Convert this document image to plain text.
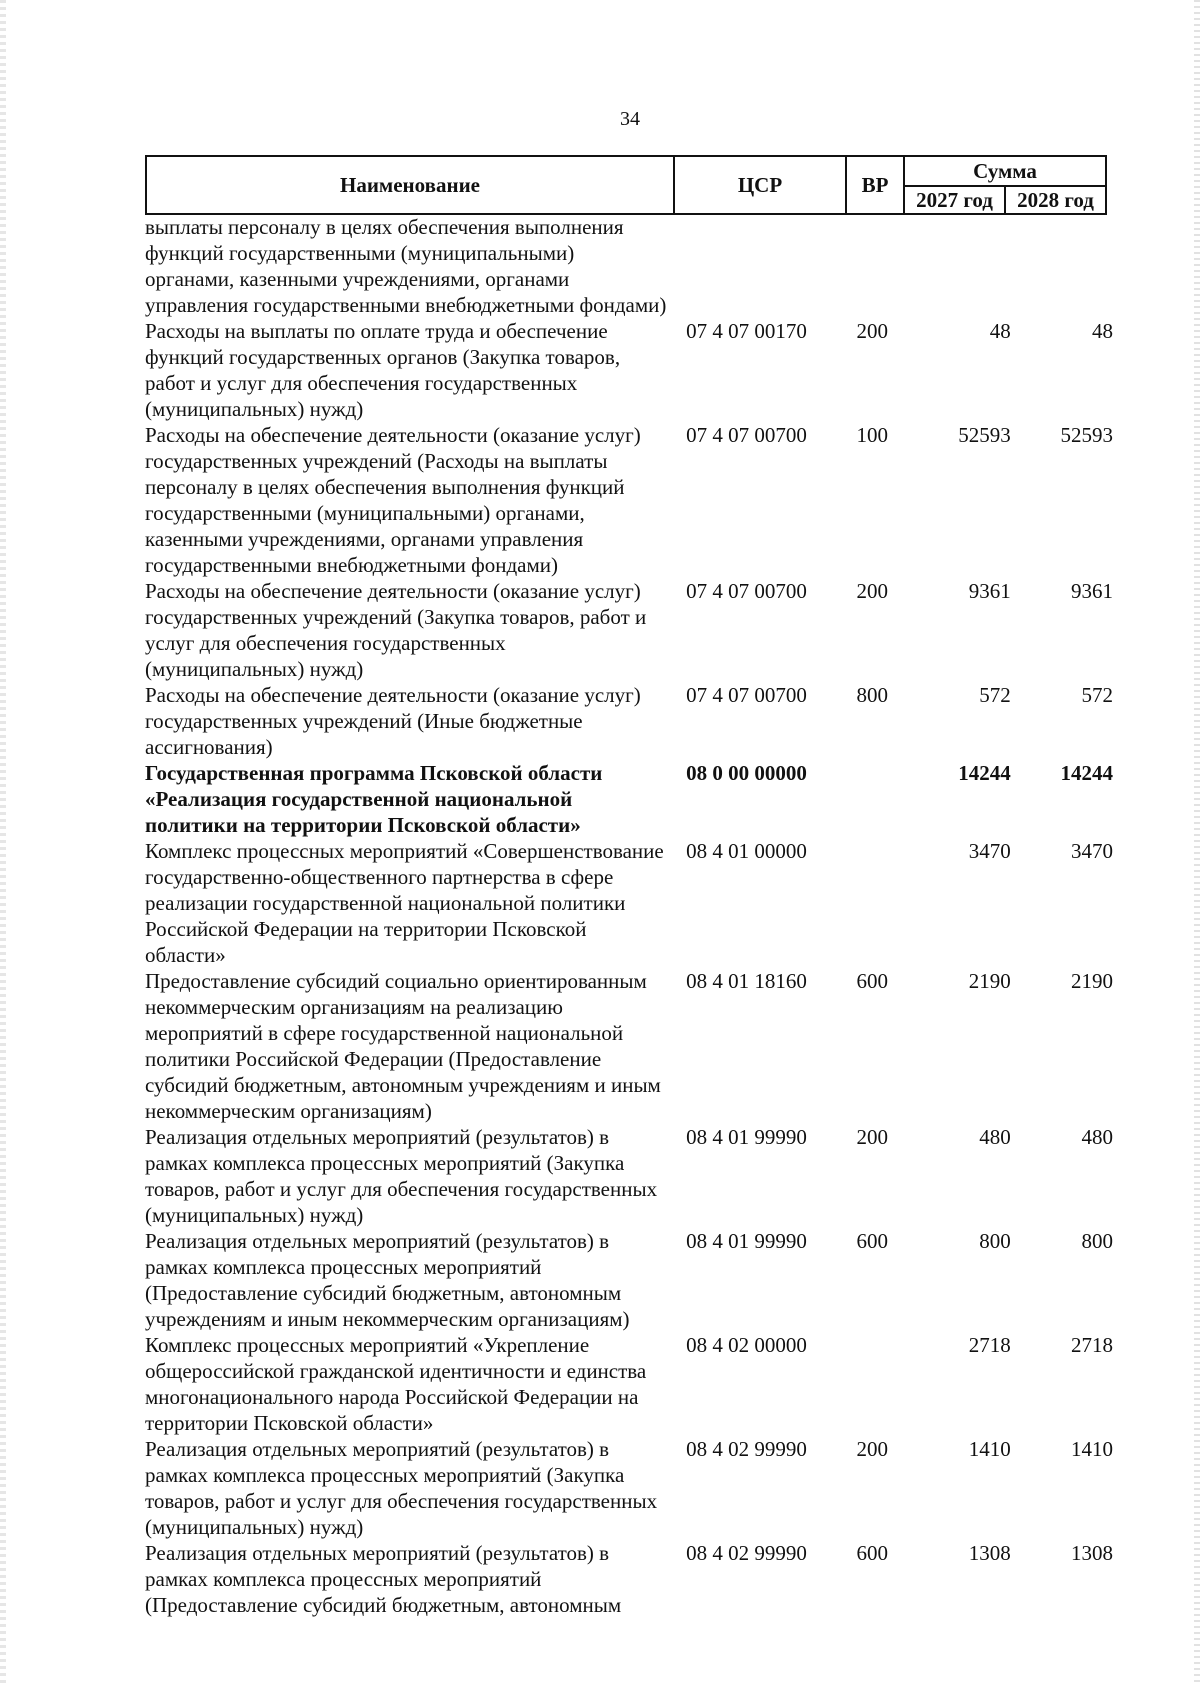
34
Наименование	ЦСР	ВР	Сумма	
			2027 год	2028 год
выплаты персоналу в целях обеспечения выполнения функций государственными (муниципальными) органами, казенными учреждениями, органами управления государственными внебюджетными фондами)				
Расходы на выплаты по оплате труда и обеспечение функций государственных органов (Закупка товаров, работ и услуг для обеспечения государственных (муниципальных) нужд)	07 4 07 00170	200	48	48
Расходы на обеспечение деятельности (оказание услуг) государственных учреждений (Расходы на выплаты персоналу в целях обеспечения выполнения функций государственными (муниципальными) органами, казенными учреждениями, органами управления государственными внебюджетными фондами)	07 4 07 00700	100	52593	52593
Расходы на обеспечение деятельности (оказание услуг) государственных учреждений (Закупка товаров, работ и услуг для обеспечения государственных (муниципальных) нужд)	07 4 07 00700	200	9361	9361
Расходы на обеспечение деятельности (оказание услуг) государственных учреждений (Иные бюджетные ассигнования)	07 4 07 00700	800	572	572
Государственная программа Псковской области «Реализация государственной национальной политики на территории Псковской области»	08 0 00 00000		14244	14244
Комплекс процессных мероприятий «Совершенствование государственно-общественного партнерства в сфере реализации государственной национальной политики Российской Федерации на территории Псковской области»	08 4 01 00000		3470	3470
Предоставление субсидий социально ориентированным некоммерческим организациям на реализацию мероприятий в сфере государственной национальной политики Российской Федерации (Предоставление субсидий бюджетным, автономным учреждениям и иным некоммерческим организациям)	08 4 01 18160	600	2190	2190
Реализация отдельных мероприятий (результатов) в рамках комплекса процессных мероприятий (Закупка товаров, работ и услуг для обеспечения государственных (муниципальных) нужд)	08 4 01 99990	200	480	480
Реализация отдельных мероприятий (результатов) в рамках комплекса процессных мероприятий (Предоставление субсидий бюджетным, автономным учреждениям и иным некоммерческим организациям)	08 4 01 99990	600	800	800
Комплекс процессных мероприятий «Укрепление общероссийской гражданской идентичности и единства многонационального народа Российской Федерации на территории Псковской области»	08 4 02 00000		2718	2718
Реализация отдельных мероприятий (результатов) в рамках комплекса процессных мероприятий (Закупка товаров, работ и услуг для обеспечения государственных (муниципальных) нужд)	08 4 02 99990	200	1410	1410
Реализация отдельных мероприятий (результатов) в рамках комплекса процессных мероприятий (Предоставление субсидий бюджетным, автономным	08 4 02 99990	600	1308	1308
